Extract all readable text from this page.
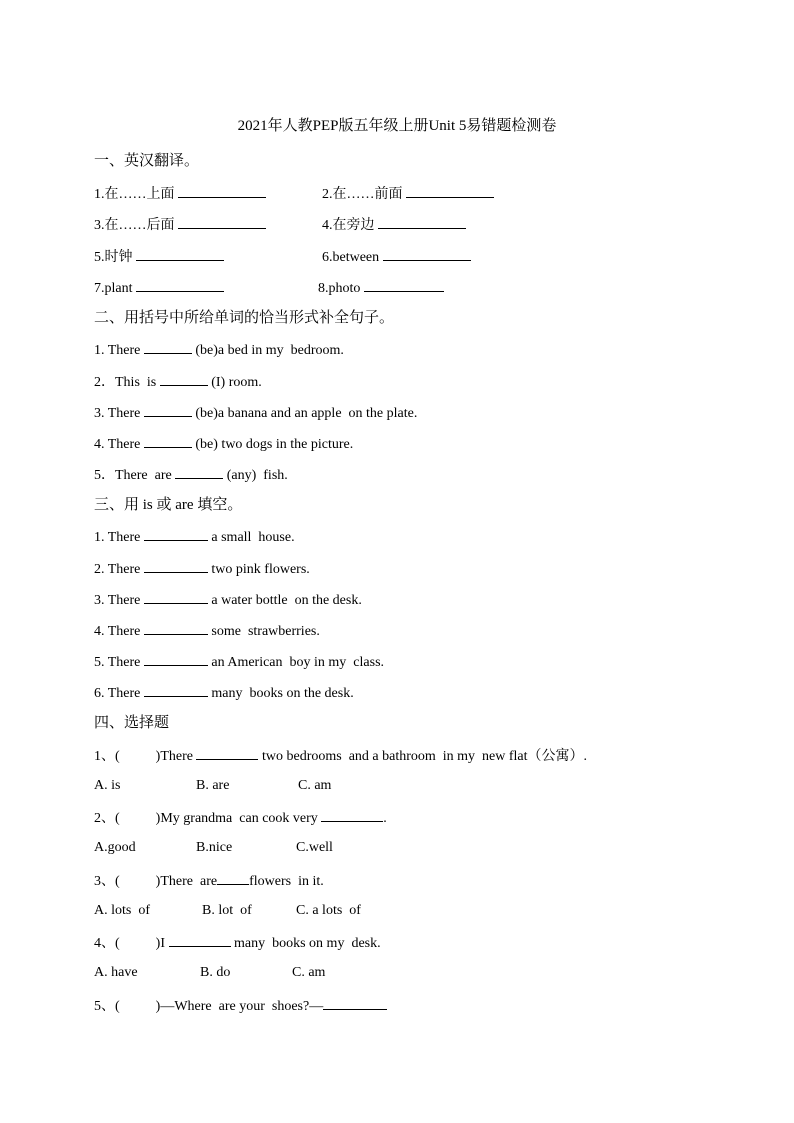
2021年人教PEP版五年级上册Unit 5易错题检测卷
一、英汉翻译。
1.在……上面	2.在……前面
3.在……后面	4.在旁边
5.时钟	6.between
7.plant	8.photo
二、用括号中所给单词的恰当形式补全句子。
1. There	(be)a bed in my  bedroom.
2．This  is	(I) room.
3. There	(be)a banana and an apple  on the plate.
4. There	(be) two dogs in the picture.
5．There  are	(any)  fish.
三、用 is 或 are 填空。
1. There	a small  house.
2. There	two pink flowers.
3. There	a water bottle  on the desk.
4. There	some  strawberries.
5. There	an American  boy in my  class.
6. There	many  books on the desk.
四、选择题
1、(	)There	two bedrooms  and a bathroom  in my  new flat（公寓）.
A. is	B. are	C. am
2、(	)My grandma  can cook very	.
A.good	B.nice	C.well
3、(	)There  are flowers  in it.
A. lots  of	B. lot  of	C. a lots  of
4、(	)I	many  books on my  desk.
A. have	B. do	C. am
5、(	)—Where  are your  shoes?—
